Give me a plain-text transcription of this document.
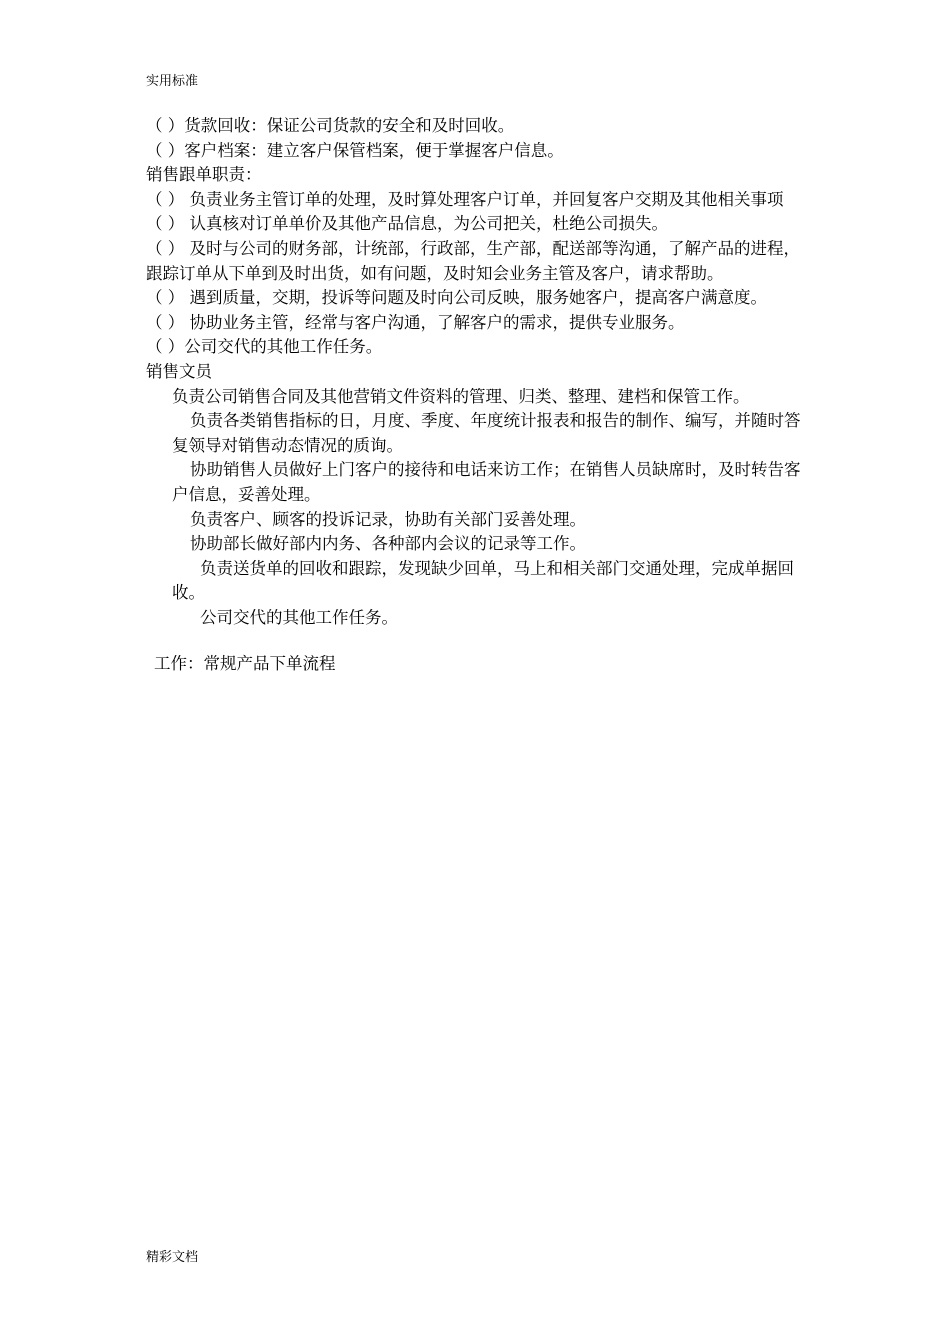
实用标准

（ ）货款回收：保证公司货款的安全和及时回收。

（ ）客户档案：建立客户保管档案，便于掌握客户信息。

销售跟单职责：

（ ） 负责业务主管订单的处理，及时算处理客户订单，并回复客户交期及其他相关事项

（ ） 认真核对订单单价及其他产品信息，为公司把关，杜绝公司损失。

（ ） 及时与公司的财务部，计统部，行政部，生产部，配送部等沟通，了解产品的进程，跟踪订单从下单到及时出货，如有问题，及时知会业务主管及客户，请求帮助。

（ ） 遇到质量，交期，投诉等问题及时向公司反映，服务她客户，提高客户满意度。

（ ） 协助业务主管，经常与客户沟通，了解客户的需求，提供专业服务。

（ ）公司交代的其他工作任务。

销售文员

负责公司销售合同及其他营销文件资料的管理、归类、整理、建档和保管工作。

负责各类销售指标的日，月度、季度、年度统计报表和报告的制作、编写，并随时答复领导对销售动态情况的质询。

协助销售人员做好上门客户的接待和电话来访工作；在销售人员缺席时，及时转告客户信息，妥善处理。

负责客户、顾客的投诉记录，协助有关部门妥善处理。

协助部长做好部内内务、各种部内会议的记录等工作。

负责送货单的回收和跟踪，发现缺少回单，马上和相关部门交通处理，完成单据回收。

公司交代的其他工作任务。

工作：常规产品下单流程

精彩文档
